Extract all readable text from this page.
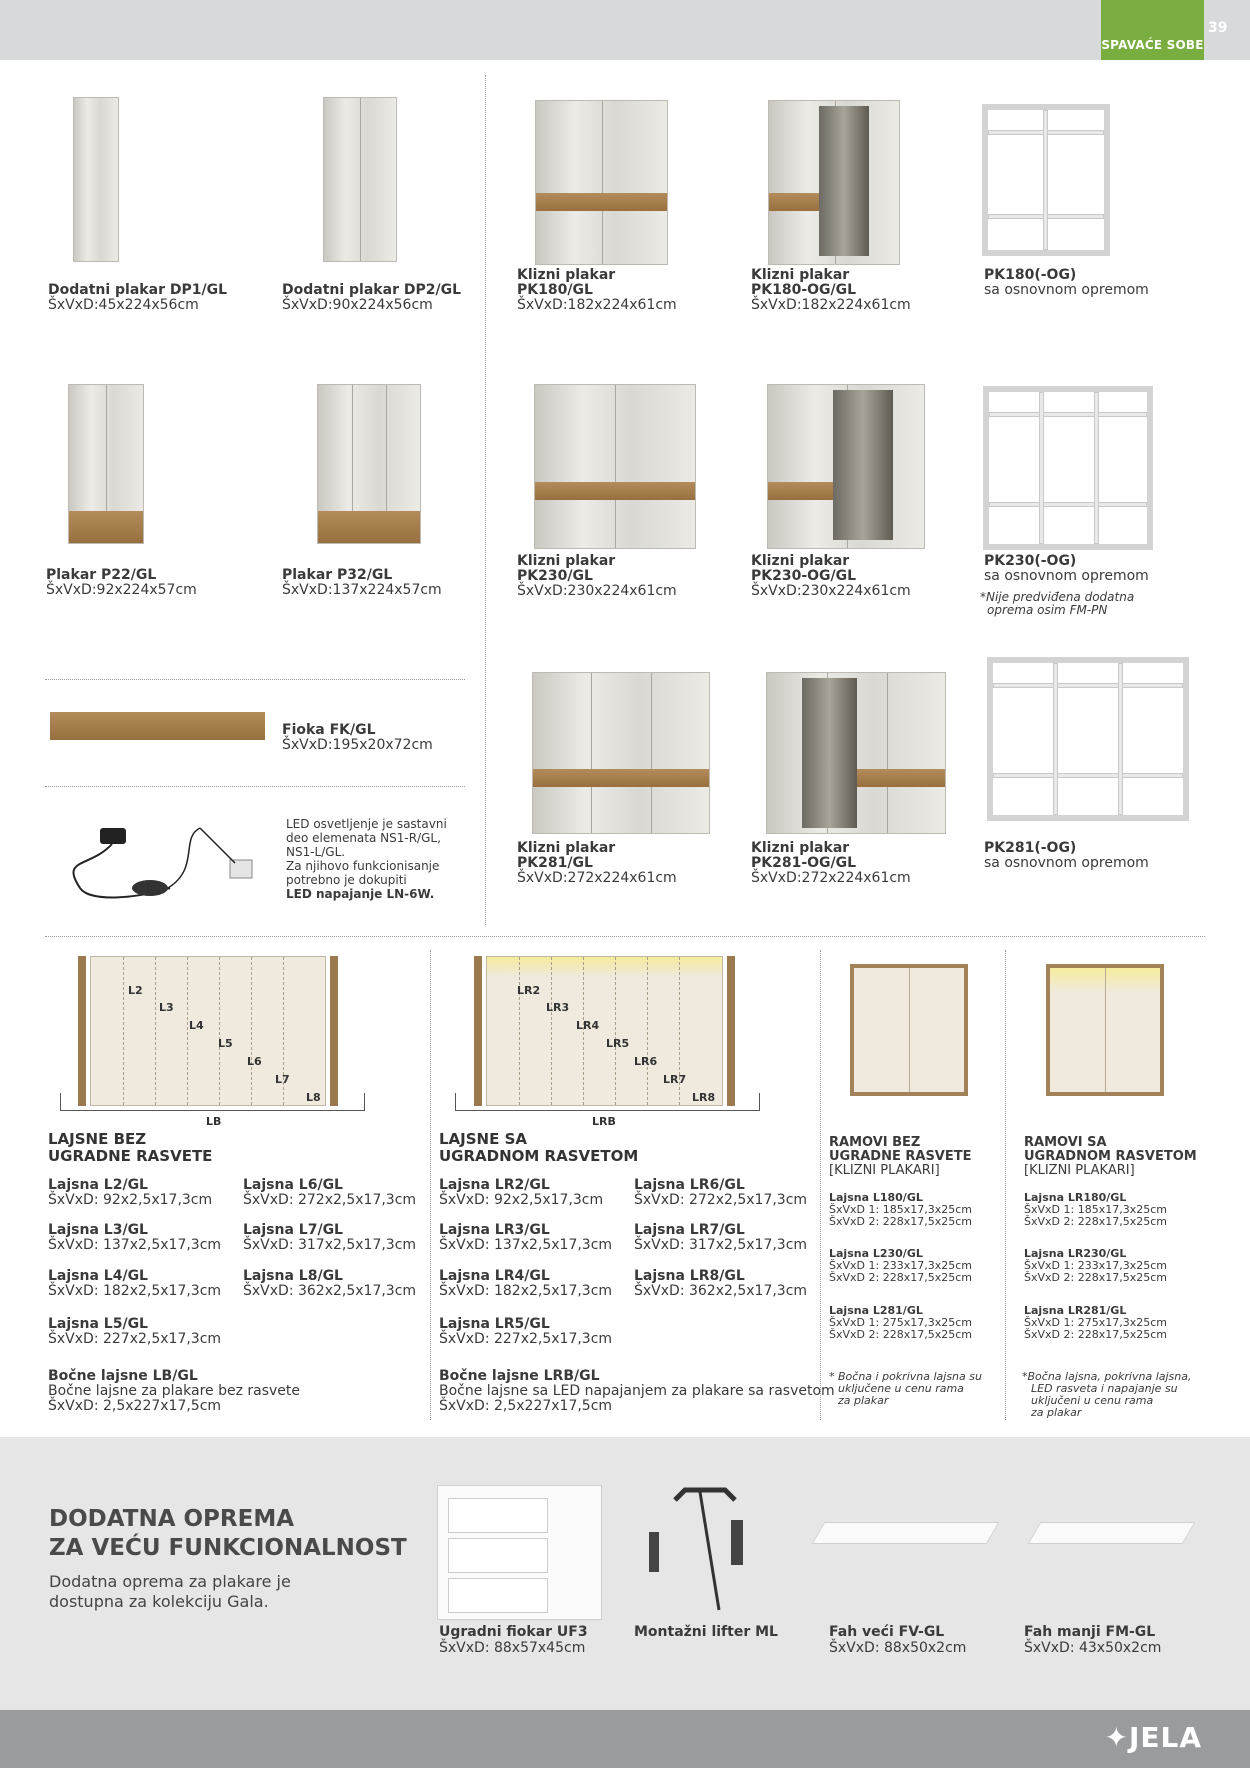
SPAVAĆE SOBE
39
Dodatni plakar DP1/GL
ŠxVxD:45x224x56cm
Dodatni plakar DP2/GL
ŠxVxD:90x224x56cm
Klizni plakar
PK180/GL
ŠxVxD:182x224x61cm
Klizni plakar
PK180-OG/GL
ŠxVxD:182x224x61cm
PK180(-OG)
sa osnovnom opremom
Plakar P22/GL
ŠxVxD:92x224x57cm
Plakar P32/GL
ŠxVxD:137x224x57cm
Klizni plakar
PK230/GL
ŠxVxD:230x224x61cm
Klizni plakar
PK230-OG/GL
ŠxVxD:230x224x61cm
PK230(-OG)
sa osnovnom opremom
*Nije predviđena dodatna
oprema osim FM-PN
Fioka FK/GL
ŠxVxD:195x20x72cm
LED osvetljenje je sastavni
deo elemenata NS1-R/GL,
NS1-L/GL.
Za njihovo funkcionisanje
potrebno je dokupiti
LED napajanje LN-6W.
Klizni plakar
PK281/GL
ŠxVxD:272x224x61cm
Klizni plakar
PK281-OG/GL
ŠxVxD:272x224x61cm
PK281(-OG)
sa osnovnom opremom
L2
L3
L4
L5
L6
L7
L8
LB
LR2
LR3
LR4
LR5
LR6
LR7
LR8
LRB
LAJSNE BEZ
UGRADNE RASVETE
Lajsna L2/GL
ŠxVxD: 92x2,5x17,3cm
Lajsna L6/GL
ŠxVxD: 272x2,5x17,3cm
Lajsna L3/GL
ŠxVxD: 137x2,5x17,3cm
Lajsna L7/GL
ŠxVxD: 317x2,5x17,3cm
Lajsna L4/GL
ŠxVxD: 182x2,5x17,3cm
Lajsna L8/GL
ŠxVxD: 362x2,5x17,3cm
Lajsna L5/GL
ŠxVxD: 227x2,5x17,3cm
Bočne lajsne LB/GL
Bočne lajsne za plakare bez rasvete
ŠxVxD: 2,5x227x17,5cm
LAJSNE SA
UGRADNOM RASVETOM
Lajsna LR2/GL
ŠxVxD: 92x2,5x17,3cm
Lajsna LR6/GL
ŠxVxD: 272x2,5x17,3cm
Lajsna LR3/GL
ŠxVxD: 137x2,5x17,3cm
Lajsna LR7/GL
ŠxVxD: 317x2,5x17,3cm
Lajsna LR4/GL
ŠxVxD: 182x2,5x17,3cm
Lajsna LR8/GL
ŠxVxD: 362x2,5x17,3cm
Lajsna LR5/GL
ŠxVxD: 227x2,5x17,3cm
Bočne lajsne LRB/GL
Bočne lajsne sa LED napajanjem za plakare sa rasvetom
ŠxVxD: 2,5x227x17,5cm
RAMOVI BEZ
UGRADNE RASVETE
[KLIZNI PLAKARI]
Lajsna L180/GL
ŠxVxD 1: 185x17,3x25cm
ŠxVxD 2: 228x17,5x25cm
Lajsna L230/GL
ŠxVxD 1: 233x17,3x25cm
ŠxVxD 2: 228x17,5x25cm
Lajsna L281/GL
ŠxVxD 1: 275x17,3x25cm
ŠxVxD 2: 228x17,5x25cm
* Bočna i pokrivna lajsna su
uključene u cenu rama
za plakar
RAMOVI SA
UGRADNOM RASVETOM
[KLIZNI PLAKARI]
Lajsna LR180/GL
ŠxVxD 1: 185x17,3x25cm
ŠxVxD 2: 228x17,5x25cm
Lajsna LR230/GL
ŠxVxD 1: 233x17,3x25cm
ŠxVxD 2: 228x17,5x25cm
Lajsna LR281/GL
ŠxVxD 1: 275x17,3x25cm
ŠxVxD 2: 228x17,5x25cm
*Bočna lajsna, pokrivna lajsna,
LED rasveta i napajanje su
uključeni u cenu rama
za plakar
DODATNA OPREMA
ZA VEĆU FUNKCIONALNOST
Dodatna oprema za plakare je
dostupna za kolekciju Gala.
Ugradni fiokar UF3
ŠxVxD: 88x57x45cm
Montažni lifter ML	Fah veći FV-GL
ŠxVxD: 88x50x2cm
Fah manji FM-GL
ŠxVxD: 43x50x2cm
✦JELA
